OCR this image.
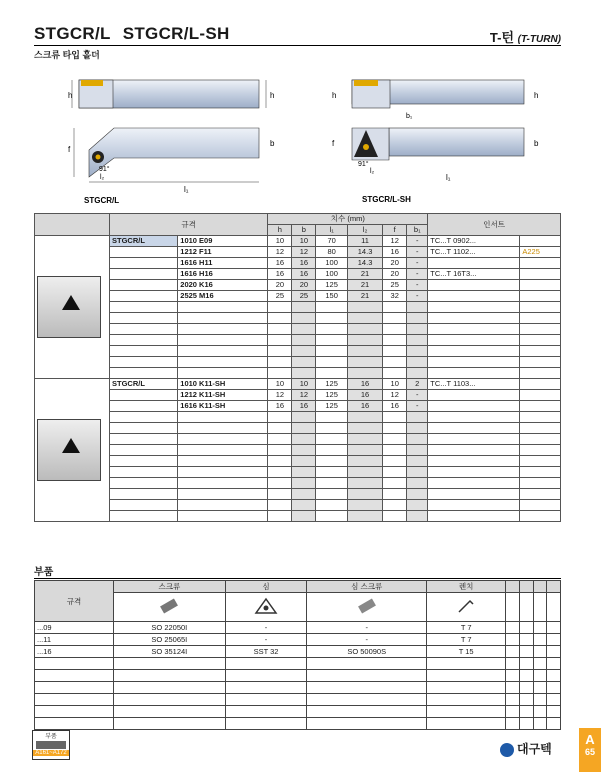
STGCR/L STGCR/L-SH
스크류 타입 홀더
T-턴 (T-TURN)
h	h
f
b
91°
l₂
l₁
STGCR/L
h	h
b₁
f	b
91°
l₂
l₁
STGCR/L-SH
	규격		치수 (mm)						인서트	
			h	b	l₁	l₂	f	b₁		

	STGCR/L	1010 E09	10	10	70	11	12	-	TC...T 0902...	
		1212 F11	12	12	80	14.3	16	-	TC...T 1102...	A225
		1616 H11	16	16	100	14.3	20	-		
		1616 H16	16	16	100	21	20	-	TC...T 16T3...	
		2020 K16	20	20	125	21	25	-		
		2525 M16	25	25	150	21	32	-		

	STGCR/L	1010 K11-SH	10	10	125	16	10	2	TC...T 1103...	
		1212 K11-SH	12	12	125	16	12	-		
		1616 K11-SH	16	16	125	16	16	-		

부품
규격	스크류	심	심 스크류	렌치				

...09	SO 22050I	-	-	T 7				
...11	SO 25065I	-	-	T 7				
...16	SO 35124I	SST 32	SO 50090S	T 15				

부품
A161~A172	대구텍
A
65
